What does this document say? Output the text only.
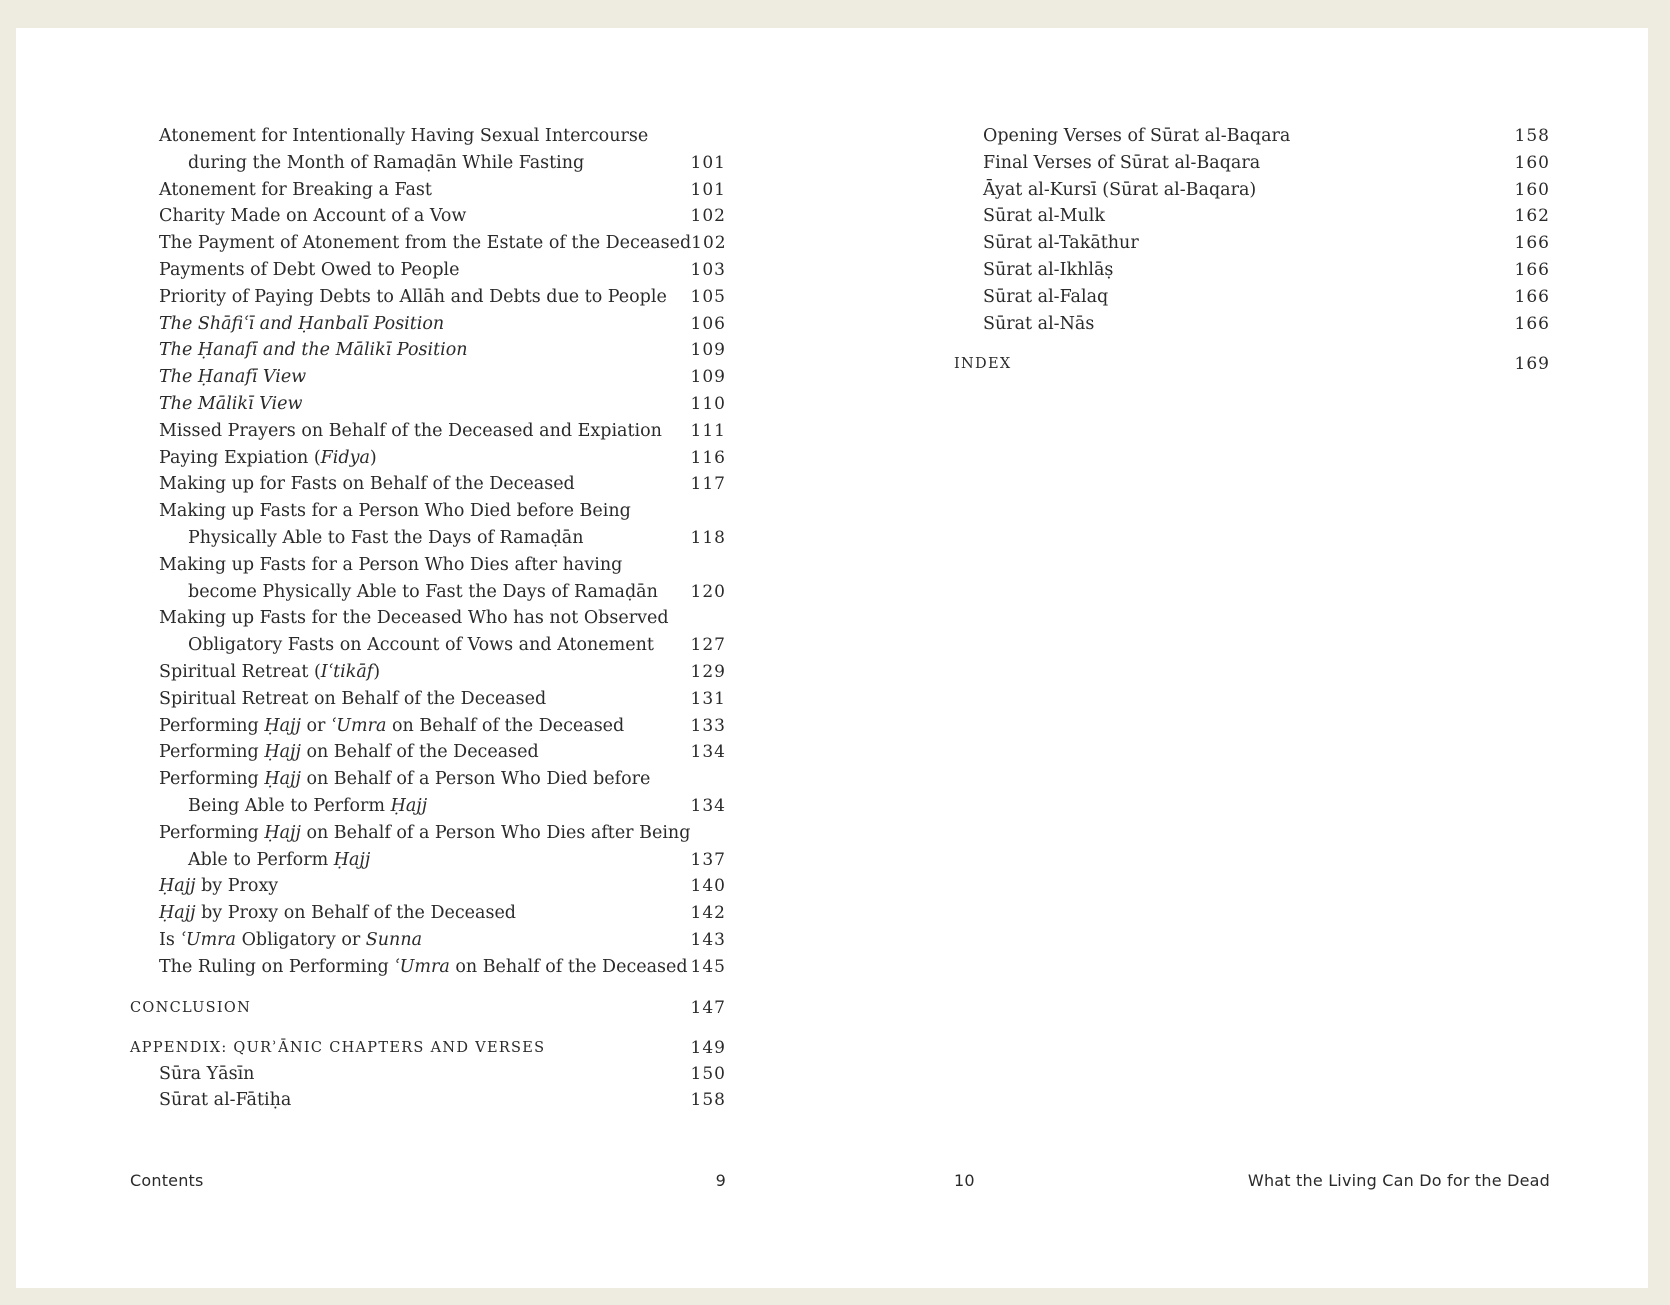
Atonement for Intentionally Having Sexual Intercourse during the Month of Ramaḍān While Fasting	101
Atonement for Breaking a Fast	101
Charity Made on Account of a Vow	102
The Payment of Atonement from the Estate of the Deceased 102
Payments of Debt Owed to People	103
Priority of Paying Debts to Allāh and Debts due to People 105
The Shāfiʿī and Ḥanbalī Position	106
The Ḥanafī and the Mālikī Position	109
The Ḥanafī View	109
The Mālikī View	110
Missed Prayers on Behalf of the Deceased and Expiation 111
Paying Expiation (Fidya)	116
Making up for Fasts on Behalf of the Deceased	117
Making up Fasts for a Person Who Died before Being Physically Able to Fast the Days of Ramaḍān	118
Making up Fasts for a Person Who Dies after having become Physically Able to Fast the Days of Ramaḍān	120
Making up Fasts for the Deceased Who has not Observed Obligatory Fasts on Account of Vows and Atonement	127
Spiritual Retreat (Iʿtikāf)	129
Spiritual Retreat on Behalf of the Deceased	131
Performing Ḥajj or ʿUmra on Behalf of the Deceased	133
Performing Ḥajj on Behalf of the Deceased	134
Performing Ḥajj on Behalf of a Person Who Died before Being Able to Perform Ḥajj	134
Performing Ḥajj on Behalf of a Person Who Dies after Being Able to Perform Ḥajj	137
Ḥajj by Proxy	140
Ḥajj by Proxy on Behalf of the Deceased	142
Is ʿUmra Obligatory or Sunna	143
The Ruling on Performing ʿUmra on Behalf of the Deceased 145
CONCLUSION	147
APPENDIX: QURʾĀNIC CHAPTERS AND VERSES	149
Sūra Yāsīn	150
Sūrat al-Fātiḥa	158
Contents	9
Opening Verses of Sūrat al-Baqara	158
Final Verses of Sūrat al-Baqara	160
Āyat al-Kursī (Sūrat al-Baqara)	160
Sūrat al-Mulk	162
Sūrat al-Takāthur	166
Sūrat al-Ikhlāṣ	166
Sūrat al-Falaq	166
Sūrat al-Nās	166
INDEX	169
10	What the Living Can Do for the Dead
